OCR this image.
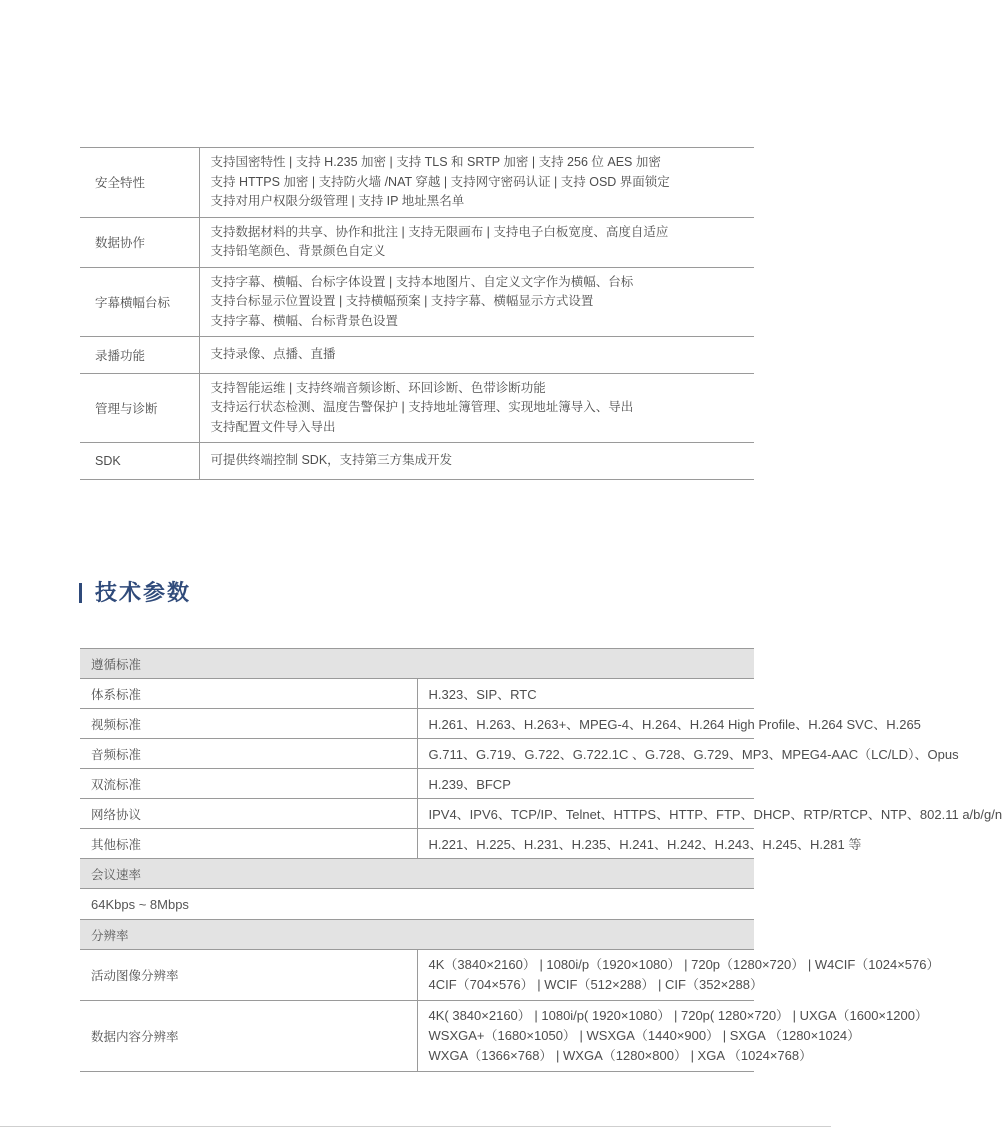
安全特性	支持国密特性 | 支持 H.235 加密 | 支持 TLS 和 SRTP 加密 | 支持 256 位 AES 加密
支持 HTTPS 加密 | 支持防火墙 /NAT 穿越 | 支持网守密码认证 | 支持 OSD 界面锁定
支持对用户权限分级管理 | 支持 IP 地址黑名单

数据协作	支持数据材料的共享、协作和批注 | 支持无限画布 | 支持电子白板宽度、高度自适应
支持铅笔颜色、背景颜色自定义

字幕横幅台标	支持字幕、横幅、台标字体设置 | 支持本地图片、自定义文字作为横幅、台标
支持台标显示位置设置 | 支持横幅预案 | 支持字幕、横幅显示方式设置
支持字幕、横幅、台标背景色设置

录播功能	支持录像、点播、直播

管理与诊断	支持智能运维 | 支持终端音频诊断、环回诊断、色带诊断功能
支持运行状态检测、温度告警保护 | 支持地址簿管理、实现地址簿导入、导出
支持配置文件导入导出

SDK	可提供终端控制 SDK，支持第三方集成开发
技术参数
遵循标准	
体系标准	H.323、SIP、RTC
视频标准	H.261、H.263、H.263+、MPEG-4、H.264、H.264 High Profile、H.264 SVC、H.265
音频标准	G.711、G.719、G.722、G.722.1C 、G.728、G.729、MP3、MPEG4-AAC（LC/LD）、Opus
双流标准	H.239、BFCP
网络协议	IPV4、IPV6、TCP/IP、Telnet、HTTPS、HTTP、FTP、DHCP、RTP/RTCP、NTP、802.11 a/b/g/n
其他标准	H.221、H.225、H.231、H.235、H.241、H.242、H.243、H.245、H.281 等
会议速率	
64Kbps ~ 8Mbps	
分辨率	
活动图像分辨率	4K（3840×2160） | 1080i/p（1920×1080） | 720p（1280×720） | W4CIF（1024×576）
4CIF（704×576） | WCIF（512×288） | CIF（352×288）

数据内容分辨率	4K( 3840×2160） | 1080i/p( 1920×1080） | 720p( 1280×720） | UXGA（1600×1200）
WSXGA+（1680×1050） | WSXGA（1440×900） | SXGA （1280×1024）
WXGA（1366×768） | WXGA（1280×800） | XGA （1024×768）
